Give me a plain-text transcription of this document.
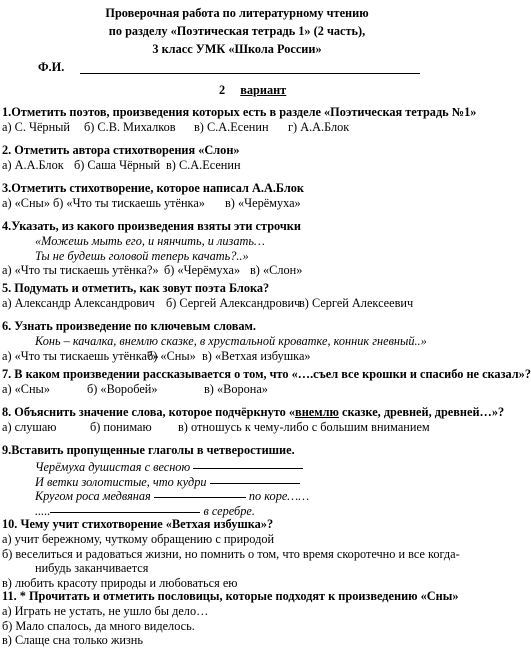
Проверочная работа по литературному чтению
по разделу «Поэтическая тетрадь 1» (2 часть),
3 класс УМК «Школа России»
Ф.И.
2 вариант
1.Отметить поэтов, произведения которых есть в разделе «Поэтическая тетрадь №1»
а) С. Чёрный б) С.В. Михалков в) С.А.Есенин г) А.А.Блок
2. Отметить автора стихотворения «Слон»
а) А.А.Блок б) Саша Чёрный в) С.А.Есенин
3.Отметить стихотворение, которое написал А.А.Блок
а) «Сны» б) «Что ты тискаешь утёнка» в) «Черёмуха»
4.Указать, из какого произведения взяты эти строчки
«Можешь мыть его, и нянчить, и лизать…
Ты не будешь головой теперь качать?..»
а) «Что ты тискаешь утёнка?» б) «Черёмуха» в) «Слон»
5. Подумать и отметить, как зовут поэта Блока?
а) Александр Александрович б) Сергей Александровичв) Сергей Алексеевич
6. Узнать произведение по ключевым словам.
Конь – качалка, внемлю сказке, в хрустальной кроватке, конник гневный..»
а) «Что ты тискаешь утёнка?»б) «Сны» в) «Ветхая избушка»
7. В каком произведении рассказывается о том, что «….съел все крошки и спасибо не сказал»?
а) «Сны»	б) «Воробей»	в) «Ворона»
8. Объяснить значение слова, которое подчёркнуто «внемлю сказке, древней, древней…»?
а) слушаю	б) понимаю в) отношусь к чему-либо с большим вниманием
9.Вставить пропущенные глаголы в четверостишие.
Черёмуха душистая с весною
И ветки золотистые, что кудри
Кругом роса медвяная	по коре……
.....	в серебре.
10. Чему учит стихотворение «Ветхая избушка»?
а) учит бережному, чуткому обращению с природой
б) веселиться и радоваться жизни, но помнить о том, что время скоротечно и все когда-
нибудь заканчивается
в) любить красоту природы и любоваться ею
11. * Прочитать и отметить пословицы, которые подходят к произведению «Сны»
а) Играть не устать, не ушло бы дело…
б) Мало спалось, да много виделось.
в) Слаще сна только жизнь
